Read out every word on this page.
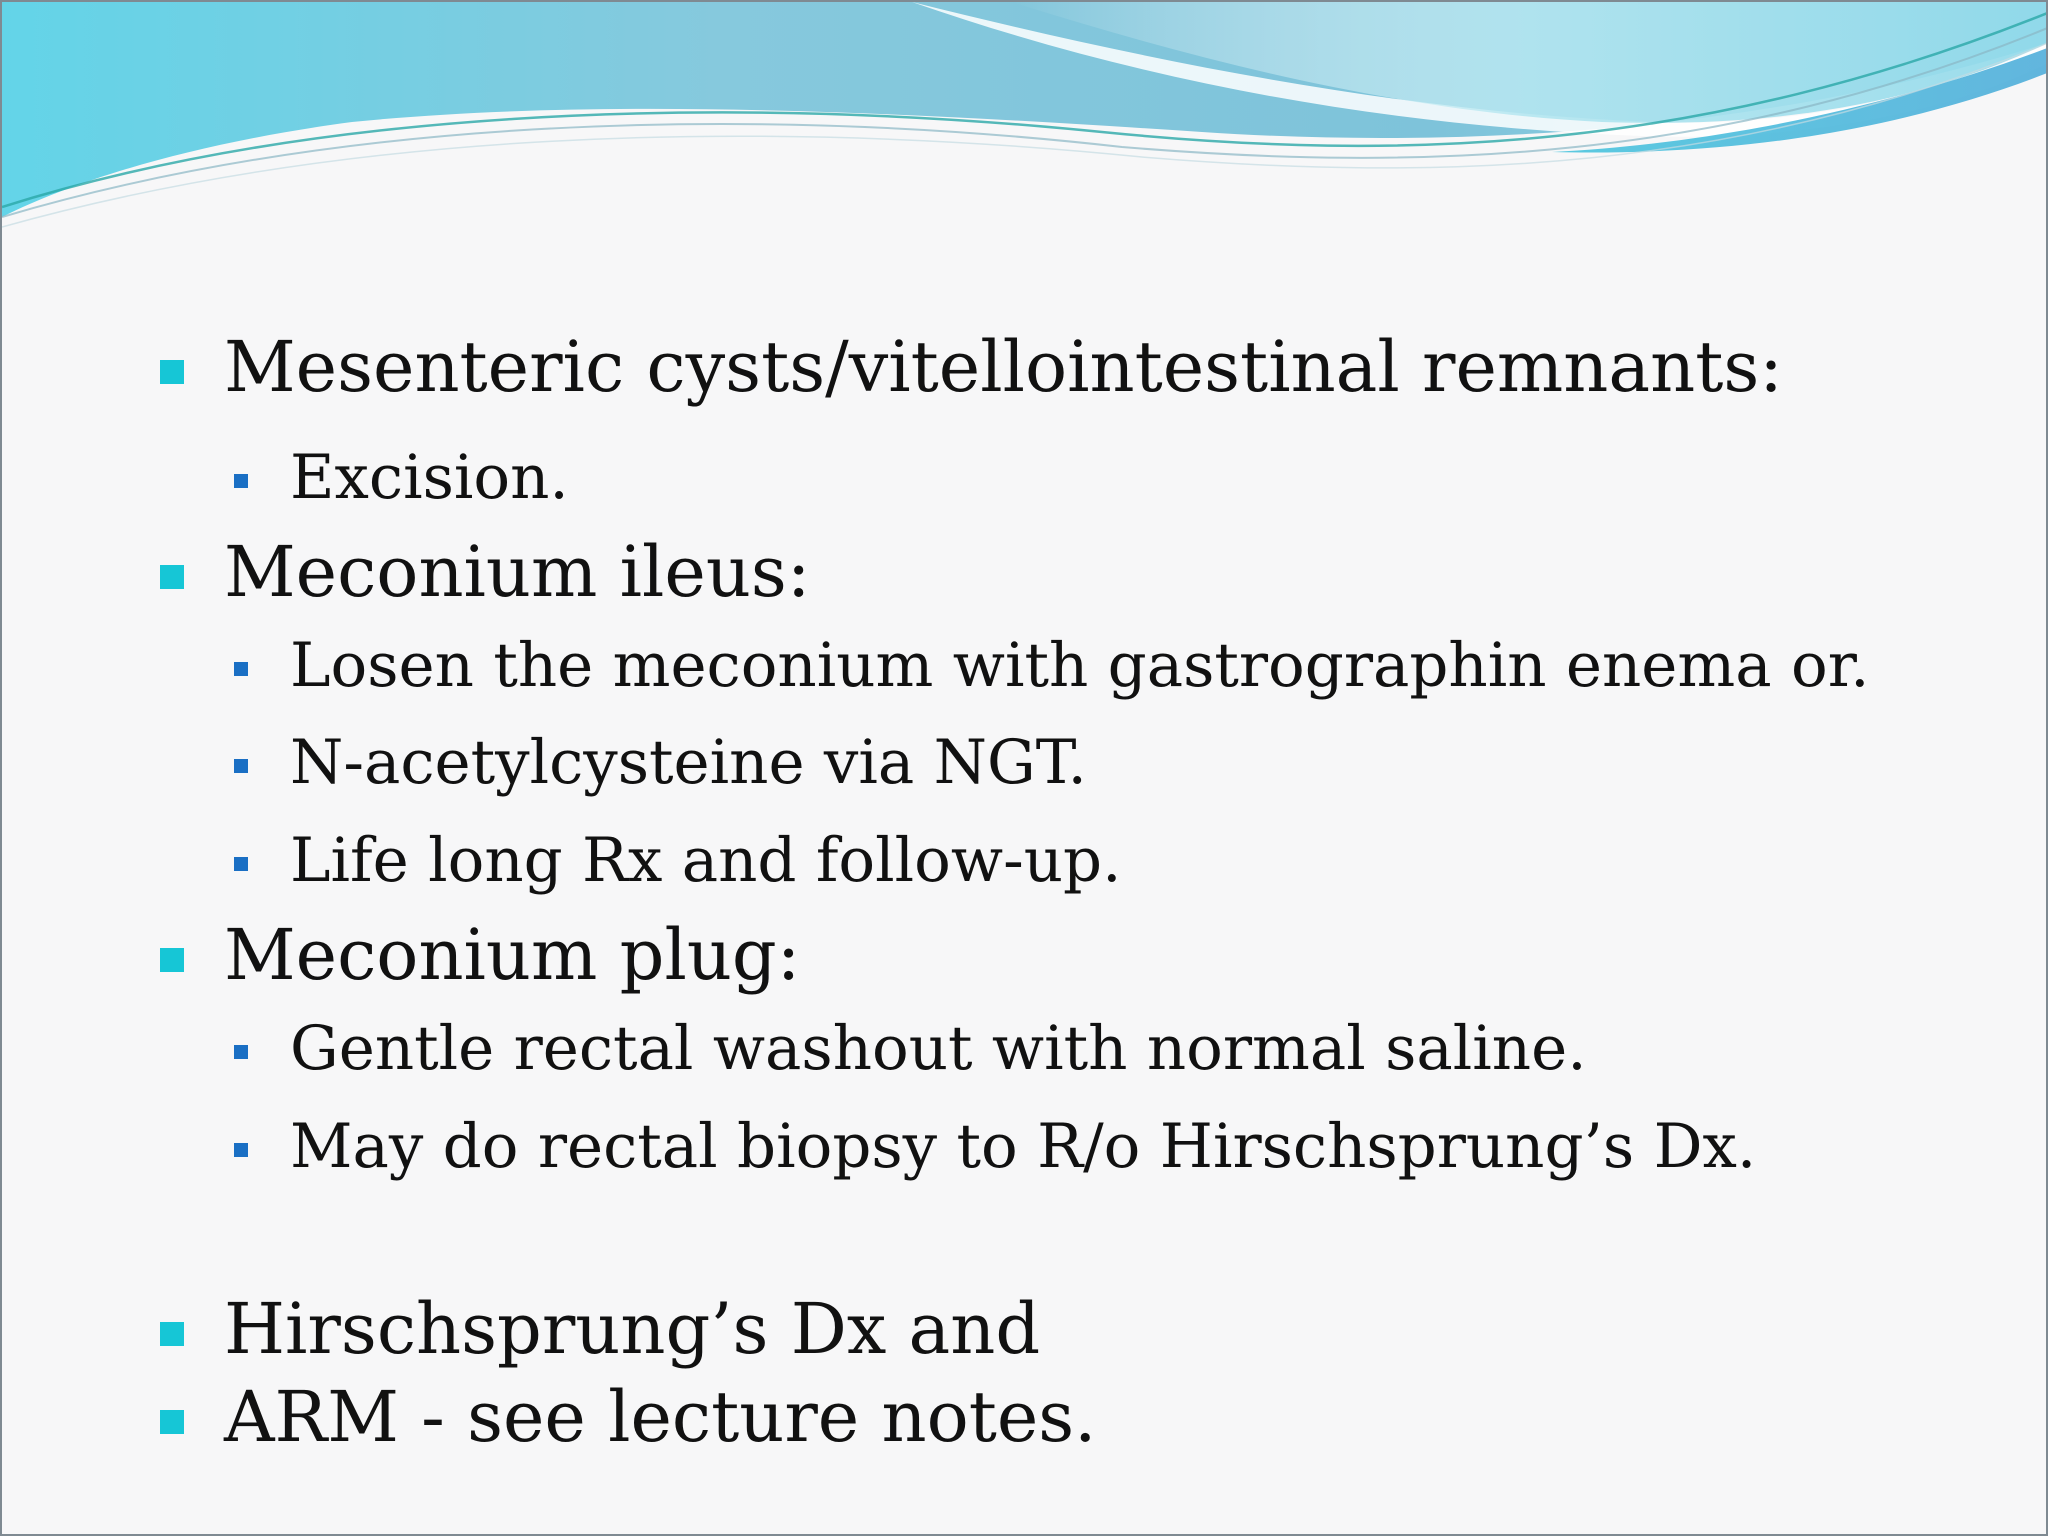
Mesenteric cysts/vitellointestinal remnants:
Excision.
Meconium ileus:
Losen the meconium with gastrographin enema or.
N-acetylcysteine via NGT.
Life long Rx and follow-up.
Meconium plug:
Gentle rectal washout with normal saline.
May do rectal biopsy to R/o Hirschsprung’s Dx.
Hirschsprung’s Dx and
ARM - see lecture notes.
